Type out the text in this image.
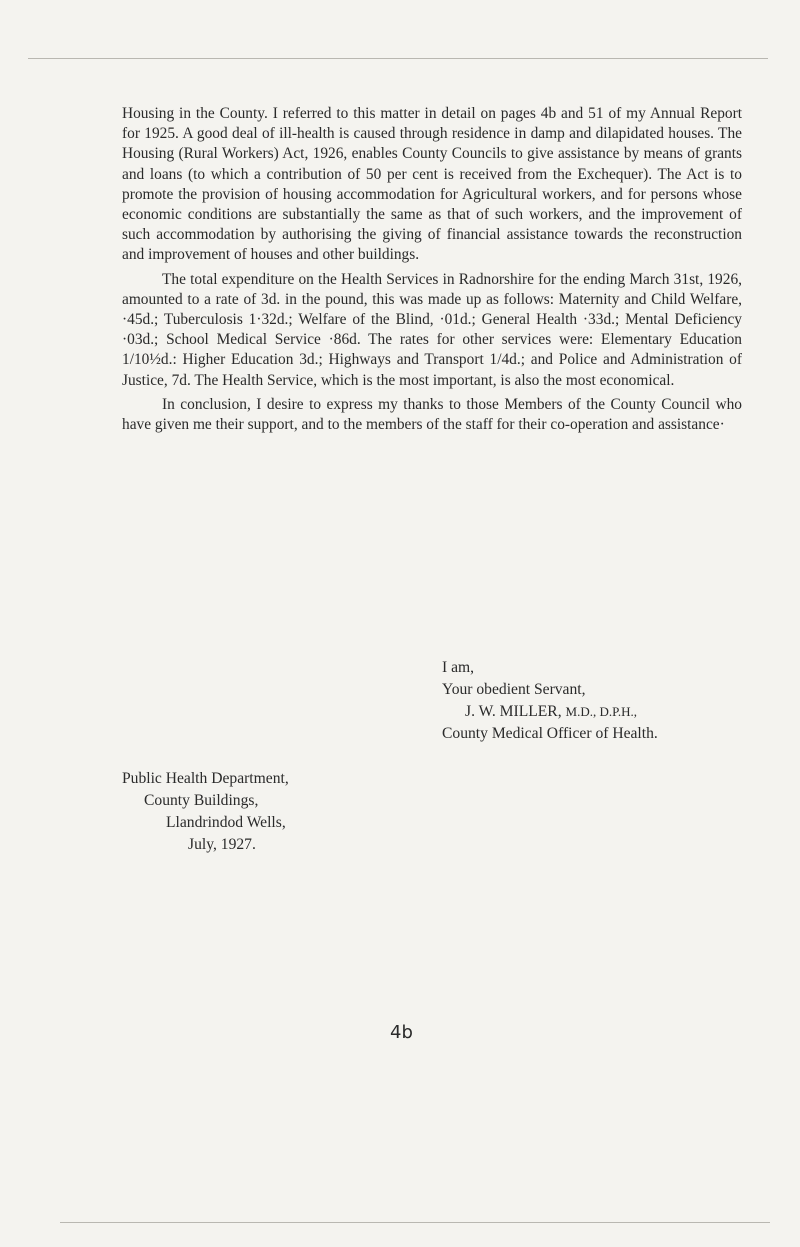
Housing in the County. I referred to this matter in detail on pages 4b and 51 of my Annual Report for 1925. A good deal of ill-health is caused through residence in damp and dilapidated houses. The Housing (Rural Workers) Act, 1926, enables County Councils to give assistance by means of grants and loans (to which a contribution of 50 per cent is received from the Exchequer). The Act is to promote the provision of housing accommodation for Agricultural workers, and for persons whose economic conditions are substantially the same as that of such workers, and the improvement of such accommodation by authorising the giving of financial assistance towards the reconstruction and improvement of houses and other buildings.

The total expenditure on the Health Services in Radnorshire for the ending March 31st, 1926, amounted to a rate of 3d. in the pound, this was made up as follows: Maternity and Child Welfare, ·45d.; Tuberculosis 1·32d.; Welfare of the Blind, ·01d.; General Health ·33d.; Mental Deficiency ·03d.; School Medical Service ·86d. The rates for other services were: Elementary Education 1/10½d.: Higher Education 3d.; Highways and Transport 1/4d.; and Police and Administration of Justice, 7d. The Health Service, which is the most important, is also the most economical.

In conclusion, I desire to express my thanks to those Members of the County Council who have given me their support, and to the members of the staff for their co-operation and assistance·

I am,
Your obedient Servant,
J. W. MILLER, M.D., D.P.H.,
County Medical Officer of Health.
Public Health Department,
County Buildings,
Llandrindod Wells,
July, 1927.
4b
